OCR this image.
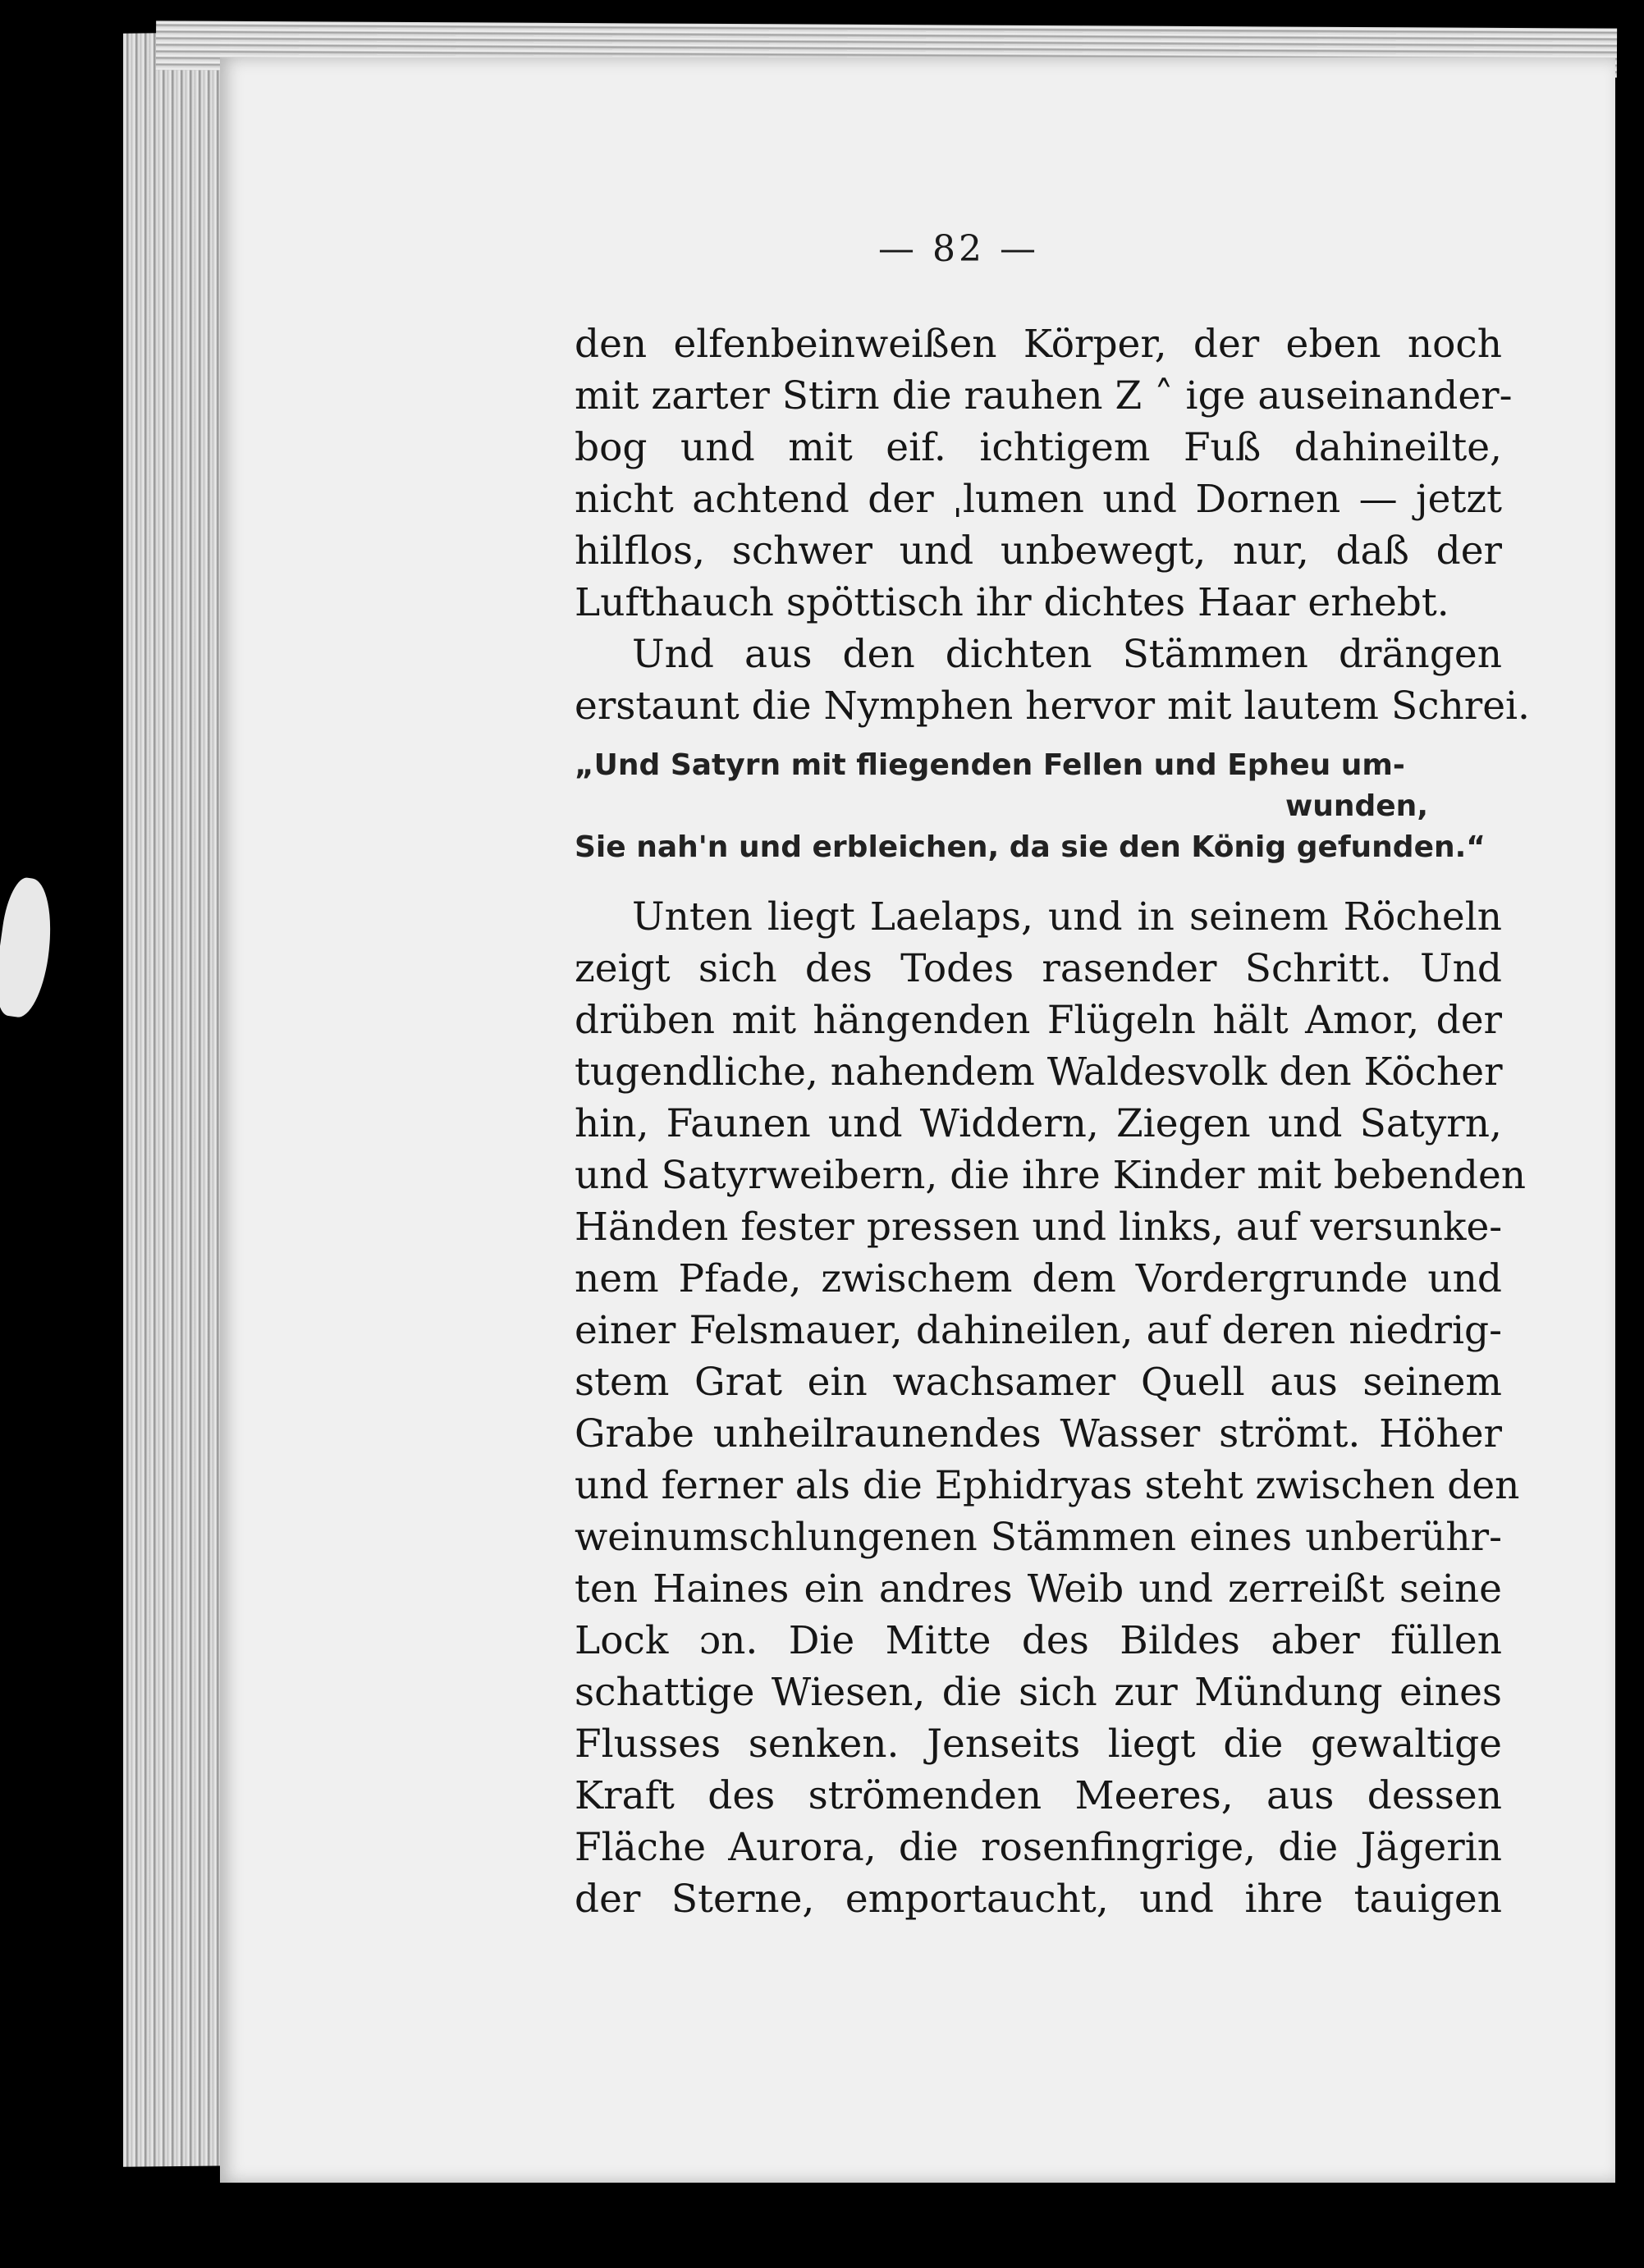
— 82 —
den elfenbeinweißen Körper, der eben noch
mit zarter Stirn die rauhen Z ˄ ige auseinander-
bog und mit eif. ichtigem Fuß dahineilte,
nicht achtend der ˌlumen und Dornen — jetzt
hilflos, schwer und unbewegt, nur, daß der
Lufthauch spöttisch ihr dichtes Haar erhebt.
Und aus den dichten Stämmen drängen
erstaunt die Nymphen hervor mit lautem Schrei.
„Und Satyrn mit fliegenden Fellen und Epheu um-
wunden,
Sie nah'n und erbleichen, da sie den König gefunden.“
Unten liegt Laelaps, und in seinem Röcheln
zeigt sich des Todes rasender Schritt. Und
drüben mit hängenden Flügeln hält Amor, der
tugendliche, nahendem Waldesvolk den Köcher
hin, Faunen und Widdern, Ziegen und Satyrn,
und Satyrweibern, die ihre Kinder mit bebenden
Händen fester pressen und links, auf versunke-
nem Pfade, zwischem dem Vordergrunde und
einer Felsmauer, dahineilen, auf deren niedrig-
stem Grat ein wachsamer Quell aus seinem
Grabe unheilraunendes Wasser strömt. Höher
und ferner als die Ephidryas steht zwischen den
weinumschlungenen Stämmen eines unberühr-
ten Haines ein andres Weib und zerreißt seine
Lock ɔn. Die Mitte des Bildes aber füllen
schattige Wiesen, die sich zur Mündung eines
Flusses senken. Jenseits liegt die gewaltige
Kraft des strömenden Meeres, aus dessen
Fläche Aurora, die rosenfingrige, die Jägerin
der Sterne, emportaucht, und ihre tauigen
